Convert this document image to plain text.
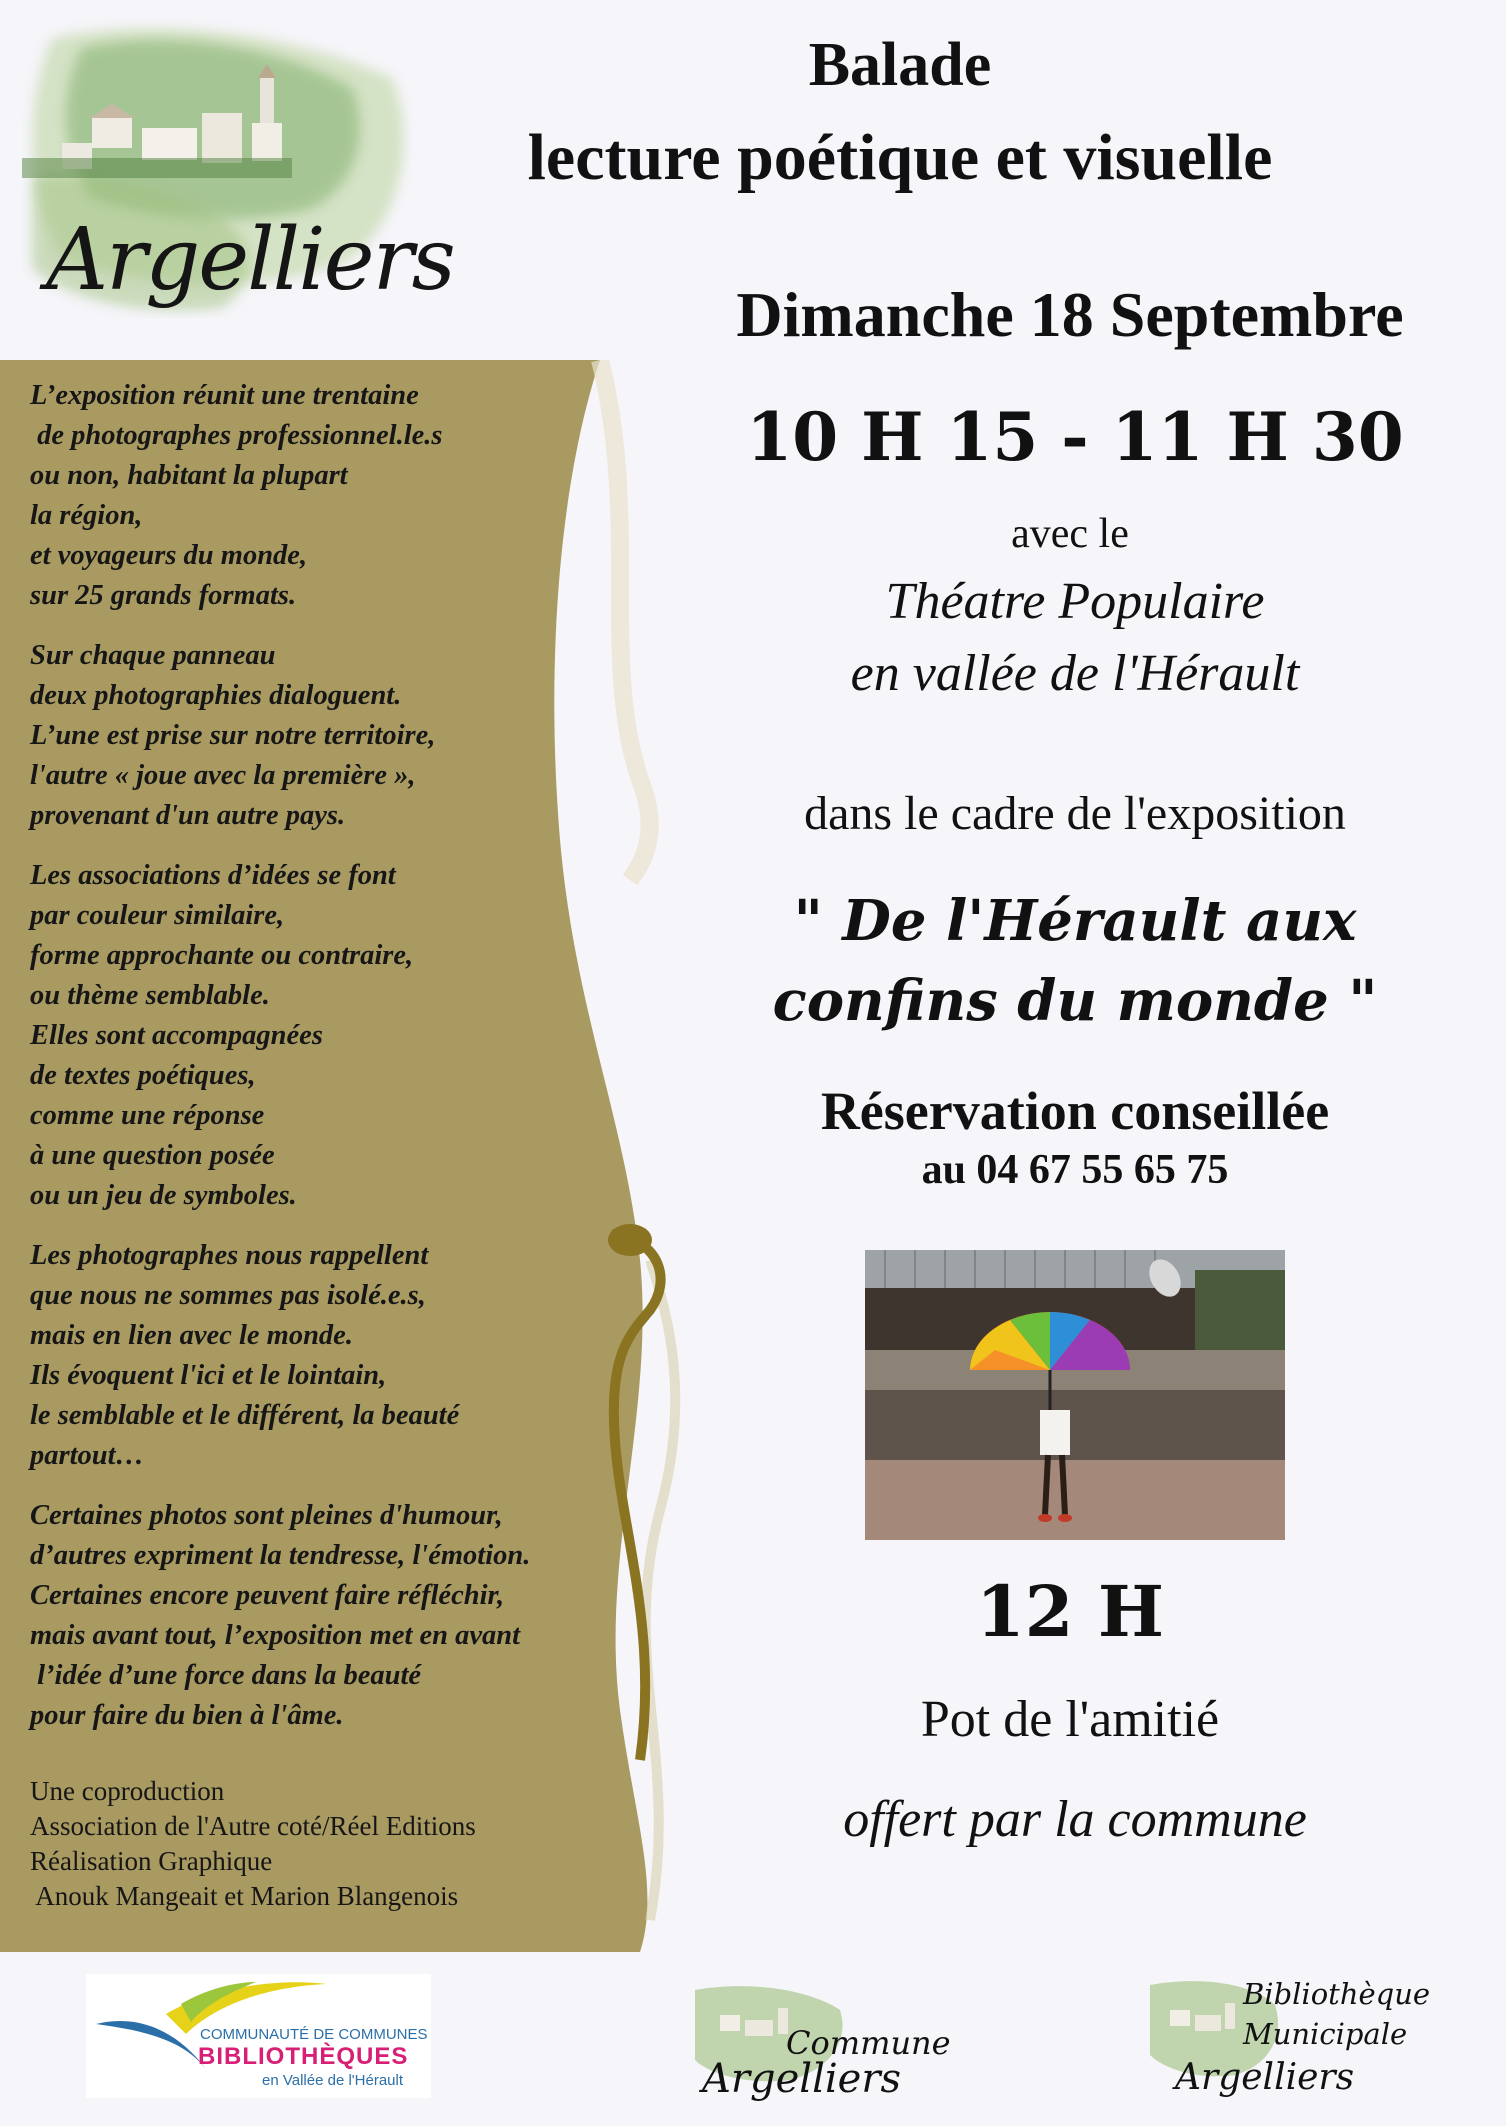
Argelliers

L’exposition réunit une trentaine
de photographes professionnel.le.s
ou non, habitant la plupart
la région,
et voyageurs du monde,
sur 25 grands formats.

Sur chaque panneau
deux photographies dialoguent.
L’une est prise sur notre territoire,
l'autre « joue avec la première »,
provenant d'un autre pays.

Les associations d’idées se font
par couleur similaire,
forme approchante ou contraire,
ou thème semblable.
Elles sont accompagnées
de textes poétiques,
comme une réponse
à une question posée
ou un jeu de symboles.

Les photographes nous rappellent
que nous ne sommes pas isolé.e.s,
mais en lien avec le monde.
Ils évoquent l'ici et le lointain,
le semblable et le différent, la beauté
partout…

Certaines photos sont pleines d'humour,
d’autres expriment la tendresse, l'émotion.
Certaines encore peuvent faire réfléchir,
mais avant tout, l’exposition met en avant
l’idée d’une force dans la beauté
pour faire du bien à l'âme.

Une coproduction
Association de l'Autre coté/Réel Editions
Réalisation Graphique
Anouk Mangeait et Marion Blangenois
Balade
lecture poétique et visuelle
Dimanche 18 Septembre
10 H 15 - 11 H 30
avec le
Théatre Populaire
en vallée de l'Hérault
dans le cadre de l'exposition
" De l'Hérault aux
confins du monde "
Réservation conseillée
au 04 67 55 65 75
12 H
Pot de l'amitié
offert par la commune
COMMUNAUTÉ DE COMMUNES
BIBLIOTHÈQUES
en Vallée de l'Hérault
Commune
Argelliers
Bibliothèque
Municipale
Argelliers
